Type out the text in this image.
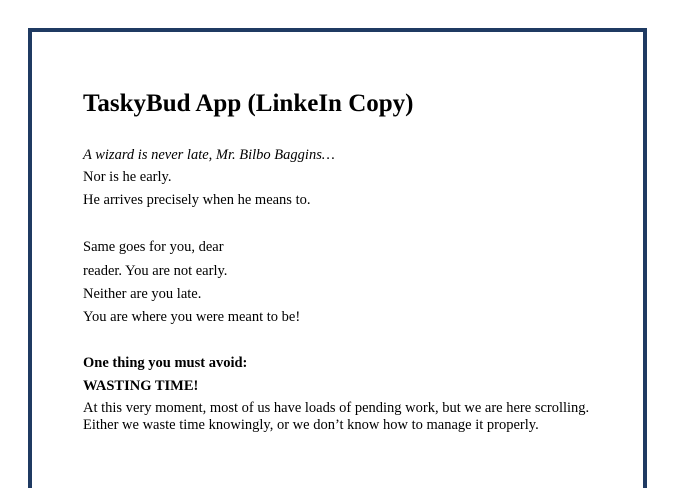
TaskyBud App (LinkeIn Copy)

A wizard is never late, Mr. Bilbo Baggins…

Nor is he early.

He arrives precisely when he means to.

Same goes for you, dear

reader. You are not early.

Neither are you late.

You are where you were meant to be!

One thing you must avoid:

WASTING TIME!

At this very moment, most of us have loads of pending work, but we are here scrolling. Either we waste time knowingly, or we don’t know how to manage it properly.
